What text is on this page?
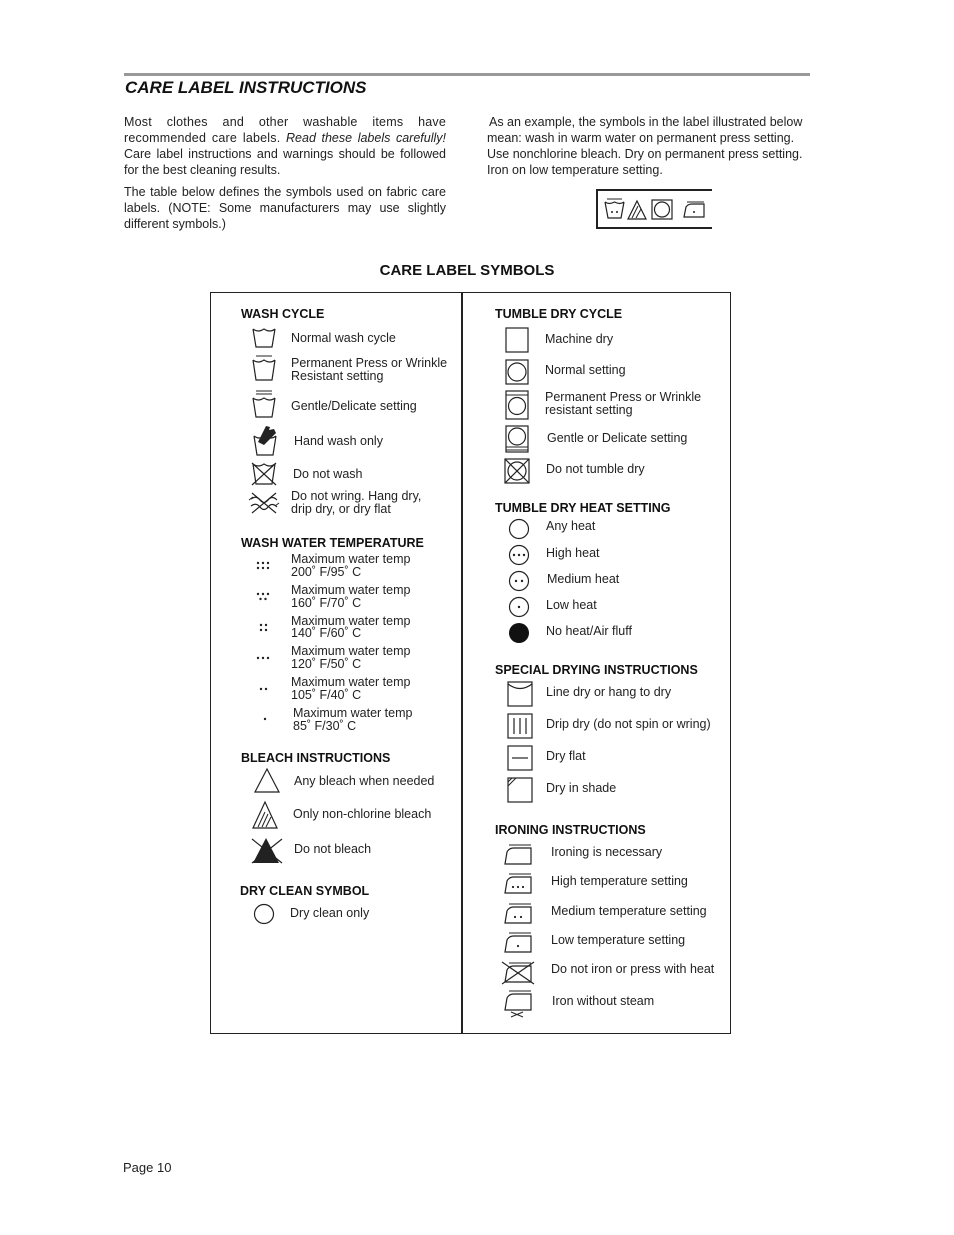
CARE LABEL INSTRUCTIONS

Most clothes and other washable items have recommended care labels. Read these labels carefully! Care label instructions and warnings should be followed for the best cleaning results.

The table below defines the symbols used on fabric care labels. (NOTE: Some manufacturers may use slightly different symbols.)

As an example, the symbols in the label illustrated below mean: wash in warm water on permanent press setting. Use nonchlorine bleach. Dry on permanent press setting. Iron on low temperature setting.

CARE LABEL SYMBOLS
WASH CYCLE
Normal wash cycle
Permanent Press or Wrinkle Resistant setting
Gentle/Delicate setting
Hand wash only
Do not wash
Do not wring. Hang dry, drip dry, or dry flat
WASH WATER TEMPERATURE
Maximum water temp
200˚ F/95˚ C
Maximum water temp
160˚ F/70˚ C
Maximum water temp
140˚ F/60˚ C
Maximum water temp
120˚ F/50˚ C
Maximum water temp
105˚ F/40˚ C
Maximum water temp
85˚ F/30˚ C
BLEACH INSTRUCTIONS
Any bleach when needed
Only non-chlorine bleach
Do not bleach
DRY CLEAN SYMBOL
Dry clean only
TUMBLE DRY CYCLE
Machine dry
Normal setting
Permanent Press or Wrinkle resistant setting
Gentle or Delicate setting
Do not tumble dry
TUMBLE DRY HEAT SETTING
Any heat
High heat
Medium heat
Low heat
No heat/Air fluff
SPECIAL DRYING INSTRUCTIONS
Line dry or hang to dry
Drip dry (do not spin or wring)
Dry flat
Dry in shade
IRONING INSTRUCTIONS
Ironing is necessary
High temperature setting
Medium temperature setting
Low temperature setting
Do not iron or press with heat
Iron without steam
Page 10
